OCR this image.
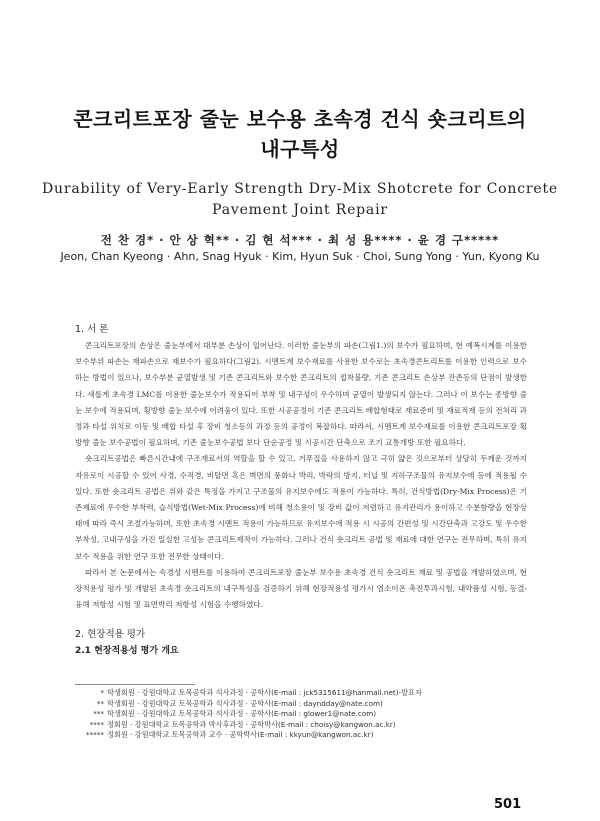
콘크리트포장 줄눈 보수용 초속경 건식 숏크리트의
내구특성
Durability of Very-Early Strength Dry-Mix Shotcrete for Concrete
Pavement Joint Repair
전 찬 경* · 안 상 혁** · 김 현 석*** · 최 성 용**** · 윤 경 구*****
Jeon, Chan Kyeong · Ahn, Snag Hyuk · Kim, Hyun Suk · Choi, Sung Yong · Yun, Kyong Ku
1. 서 론

콘크리트포장의 손상은 줄눈부에서 대부분 손상이 일어난다. 이러한 줄눈부의 파손(그림1.)의 보수가 필요하며, 현 예폭시계를 이용한 보수부위 파손는 재파손으로 재보수가 필요하다(그림2). 시멘트계 보수재료를 사용한 보수로는 초속경콘트리트를 이용한 인력으로 보수하는 방법이 있으나, 보수부분 균열발생 및 기존 콘크리트와 보수한 콘크리트의 접착불량, 기존 콘크리트 손상부 잔존등의 단점이 발생한다. 새롭게 초속경 LMC를 이용한 줄눈보수가 적용되어 부착 및 내구성이 우수하며 균열이 발생되지 않는다. 그러나 이 보수는 종방향 줄눈 보수에 적용되며, 횡방향 줄눈 보수에 어려움이 있다. 또한 시공공정이 기존 콘크리트 배합형태로 재료준비 및 재료적재 등의 전처리 과정과 타설 위치로 이동 및 배합 타설 후 장비 청소등의 과정 등의 공정이 복잡하다. 따라서, 시멘트계 보수재료를 이용한 콘크리트포장 횡방향 줄눈 보수공법이 필요하며, 기존 줄눈보수공법 보다 단순공정 및 시공시간 단축으로 조기 교통개방 또한 필요하다.

숏크리트공법은 빠른시간내에 구조재료서의 역할을 할 수 있고, 거푸집을 사용하지 않고 극히 얇은 것으로부터 상당히 두께운 것까지 자유로이 시공할 수 있어 사경, 수직경, 비탈면 혹은 벽면의 풍화나 박리, 박락의 방지, 터널 및 지하구조물의 유지보수에 등에 적용될 수 있다. 또한 숏크리트 공법은 위와 같은 특징을 가지고 구조물의 유지보수에도 적용이 가능하다. 특히, 건식방법(Dry-Mix Process)은 기존재료에 우수한 부착력, 습식방법(Wet-Mix Process)에 비해 청소용이 및 장비 값이 저렴하고 유지관리가 용이하고 수분함량을 현장상태에 따라 즉시 조절가능하며, 또한 초속경 시멘트 적용이 가능하므로 유지보수에 적용 시 시공의 간편성 및 시간단축과 고강도 및 우수한 부착성, 고내구성을 가진 밀실한 고성능 콘크리트제작이 가능하다. 그러나 건식 숏크리트 공법 및 재료에 대한 연구는 전무하며, 특히 유지보수 적용을 위한 연구 또한 전무한 상태이다.

따라서 본 논문에서는 속경성 시멘트를 이용하여 콘크리트포장 줄눈부 보수용 초속경 건식 숏크리트 재료 및 공법을 개발하였으며, 현장적용성 평가 및 개발된 초속경 숏크리트의 내구특성을 검증하기 위해 현장적용성 평가시 염소이온 촉진투과시험, 내약품성 시험, 동결-융해 저항성 시험 및 표면박리 저항성 시험을 수행하였다.

2. 현장적용 평가
2.1 현장적용성 평가 개요
* 학생회원 · 강원대학교 토목공학과 석사과정 · 공학사(E-mail : jck5315611@hanmail.net)-발표자
** 학생회원 · 강원대학교 토목공학과 석사과정 · 공학사(E-mail : dayndday@nate.com)
*** 학생회원 · 강원대학교 토목공학과 석사과정 · 공학사(E-mail : glower1@nate.com)
**** 정회원 · 강원대학교 토목공학과 박사후과정 · 공학박사(E-mail : choisy@kangwon.ac.kr)
***** 정회원 · 강원대학교 토목공학과 교수 · 공학박사(E-mail : kkyun@kangwon.ac.kr)
501
